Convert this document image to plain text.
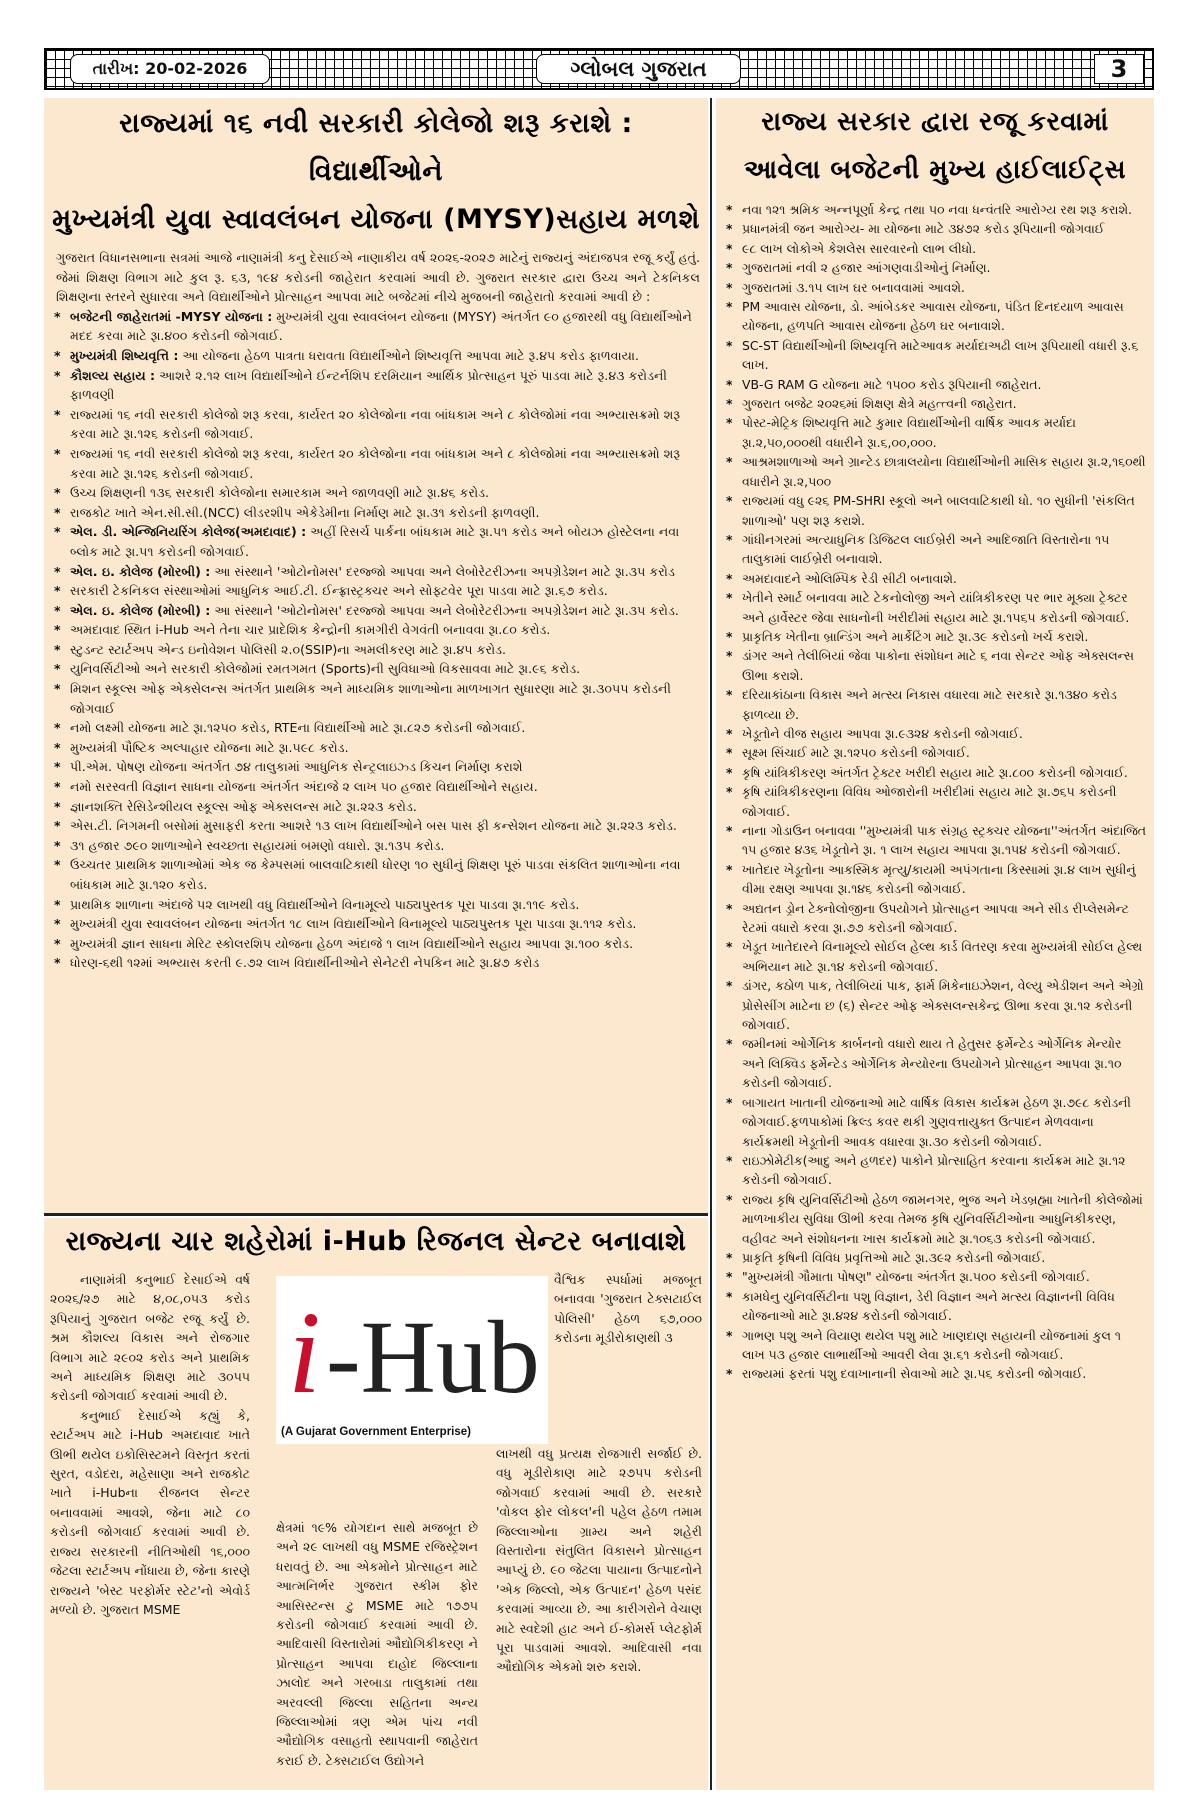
તારીખ: 20-02-2026	ગ્લોબલ ગુજરાત	3
રાજ્યમાં ૧૬ નવી સરકારી કોલેજો શરૂ કરાશે : વિદ્યાર્થીઓને
મુખ્યમંત્રી યુવા સ્વાવલંબન યોજના (MYSY)સહાય મળશે

ગુજરાત વિધાનસભાના સત્રમાં આજે નાણામંત્રી કનુ દેસાઈએ નાણાકીય વર્ષ ૨૦૨૬-૨૦૨૭ માટેનું રાજ્યનું અંદાજપત્ર રજૂ કર્યું હતું. જેમાં શિક્ષણ વિભાગ માટે કુલ રૂ. ૬૩, ૧૯૪ કરોડની જાહેરાત કરવામાં આવી છે. ગુજરાત સરકાર દ્વારા ઉચ્ચ અને ટેકનિકલ શિક્ષણના સ્તરને સુધારવા અને વિદ્યાર્થીઓને પ્રોત્સાહન આપવા માટે બજેટમાં નીચે મુજબની જાહેરાતો કરવામાં આવી છે :

* બજેટની જાહેરાતમાં -MYSY યોજના : મુખ્યમંત્રી યુવા સ્વાવલંબન યોજના (MYSY) અંતર્ગત ૯૦ હજારથી વધુ વિદ્યાર્થીઓને મદદ કરવા માટે રૂા.૪૦૦ કરોડની જોગવાઈ.
* મુખ્યમંત્રી શિષ્યવૃત્તિ : આ યોજના હેઠળ પાત્રતા ધરાવતા વિદ્યાર્થીઓને શિષ્યવૃત્તિ આપવા માટે રૂ.૪૫ કરોડ ફાળવાયા.
* કૌશલ્ય સહાય : આશરે ૨.૧૨ લાખ વિદ્યાર્થીઓને ઈન્ટર્નશિપ દરમિયાન આર્થિક પ્રોત્સાહન પૂરું પાડવા માટે રૂ.૪૩ કરોડની ફાળવણી
* રાજ્યમાં ૧૬ નવી સરકારી કોલેજો શરૂ કરવા, કાર્યરત ૨૦ કોલેજોના નવા બાંધકામ અને ૮ કોલેજોમાં નવા અભ્યાસક્રમો શરૂ કરવા માટે રૂા.૧૨૬ કરોડની જોગવાઈ.
* રાજ્યમાં ૧૬ નવી સરકારી કોલેજો શરૂ કરવા, કાર્યરત ૨૦ કોલેજોના નવા બાંધકામ અને ૮ કોલેજોમાં નવા અભ્યાસક્રમો શરૂ કરવા માટે રૂા.૧૨૬ કરોડની જોગવાઈ.
* ઉચ્ચ શિક્ષણની ૧૩૬ સરકારી કોલેજોના સમારકામ અને જાળવણી માટે રૂા.૪૬ કરોડ.
* રાજકોટ ખાતે એન.સી.સી.(NCC) લીડરશીપ એકેડેમીના નિર્માણ માટે રૂા.૩૧ કરોડની ફાળવણી.
* એલ. ડી. એન્જિનિયરિંગ કોલેજ(અમદાવાદ) : અહીં રિસર્ચ પાર્કના બાંધકામ માટે રૂા.૫૧ કરોડ અને બોયઝ હોસ્ટેલના નવા બ્લોક માટે રૂા.૫૧ કરોડની જોગવાઈ.
* એલ. ઇ. કોલેજ (મોરબી) : આ સંસ્થાને 'ઓટોનોમસ' દરજ્જો આપવા અને લેબોરેટરીઝના અપગ્રેડેશન માટે રૂા.૩૫ કરોડ
* સરકારી ટેકનિકલ સંસ્થાઓમાં આધુનિક આઈ.ટી. ઈન્ફ્રાસ્ટ્રક્ચર અને સોફ્ટવેર પૂરા પાડવા માટે રૂા.૬૭ કરોડ.
* એલ. ઇ. કોલેજ (મોરબી) : આ સંસ્થાને 'ઓટોનોમસ' દરજ્જો આપવા અને લેબોરેટરીઝના અપગ્રેડેશન માટે રૂા.૩૫ કરોડ.
* અમદાવાદ સ્થિત i-Hub અને તેના ચાર પ્રાદેશિક કેન્દ્રોની કામગીરી વેગવંતી બનાવવા રૂા.૮૦ કરોડ.
* સ્ટુડન્ટ સ્ટાર્ટઅપ એન્ડ ઇનોવેશન પોલિસી ૨.૦(SSIP)ના અમલીકરણ માટે રૂા.૪૫ કરોડ.
* યુનિવર્સિટીઓ અને સરકારી કોલેજોમાં રમતગમત (Sports)ની સુવિધાઓ વિકસાવવા માટે રૂા.૯૬ કરોડ.
* મિશન સ્કૂલ્સ ઓફ એક્સેલન્સ અંતર્ગત પ્રાથમિક અને માધ્યમિક શાળાઓના માળખાગત સુધારણા માટે રૂા.૩૦૫૫ કરોડની જોગવાઈ
* નમો લક્ષ્મી યોજના માટે રૂા.૧૨૫૦ કરોડ, RTEના વિદ્યાર્થીઓ માટે રૂા.૮૨૭ કરોડની જોગવાઈ.
* મુખ્યમંત્રી પૌષ્ટિક અલ્પાહાર યોજના માટે રૂા.૫૯૮ કરોડ.
* પી.એમ. પોષણ યોજના અંતર્ગત ૭૪ તાલુકામાં આધુનિક સેન્ટ્રલાઇઝ્ડ કિચન નિર્માણ કરાશે
* નમો સરસ્વતી વિજ્ઞાન સાધના યોજના અંતર્ગત અંદાજે ૨ લાખ ૫૦ હજાર વિદ્યાર્થીઓને સહાય.
* જ્ઞાનશક્તિ રેસિડેન્શીયલ સ્કૂલ્સ ઓફ એક્સલન્સ માટે રૂા.૨૨૩ કરોડ.
* એસ.ટી. નિગમની બસોમાં મુસાફરી કરતા આશરે ૧૩ લાખ વિદ્યાર્થીઓને બસ પાસ ફી કન્સેશન યોજના માટે રૂા.૨૨૩ કરોડ.
* ૩૧ હજાર ૭૯૦ શાળાઓને સ્વચ્છતા સહાયમાં બમણો વધારો. રૂા.૧૩૫ કરોડ.
* ઉચ્ચતર પ્રાથમિક શાળાઓમાં એક જ કેમ્પસમાં બાલવાટિકાથી ધોરણ ૧૦ સુધીનું શિક્ષણ પૂરું પાડવા સંકલિત શાળાઓના નવા બાંધકામ માટે રૂા.૧૨૦ કરોડ.
* પ્રાથમિક શાળાના અંદાજે ૫૨ લાખથી વધુ વિદ્યાર્થીઓને વિનામૂલ્યે પાઠ્યપુસ્તક પૂરા પાડવા રૂા.૧૧૯ કરોડ.
* મુખ્યમંત્રી યુવા સ્વાવલંબન યોજના અંતર્ગત ૧૮ લાખ વિદ્યાર્થીઓને વિનામૂલ્યે પાઠ્યપુસ્તક પૂરા પાડવા રૂા.૧૧૨ કરોડ.
* મુખ્યમંત્રી જ્ઞાન સાધના મેરિટ સ્કોલરશિપ યોજના હેઠળ અંદાજે ૧ લાખ વિદ્યાર્થીઓને સહાય આપવા રૂા.૧૦૦ કરોડ.
* ધોરણ-૬થી ૧૨માં અભ્યાસ કરતી ૯.૭૨ લાખ વિદ્યાર્થીનીઓને સેનેટરી નેપકિન માટે રૂા.૪૭ કરોડ
રાજ્ય સરકાર દ્વારા રજૂ કરવામાં
આવેલા બજેટની મુખ્ય હાઈલાઈટ્સ
* નવા ૧૨૧ શ્રમિક અન્નપૂર્ણા કેન્દ્ર તથા ૫૦ નવા ધન્વંતરિ આરોગ્ય રથ શરૂ કરાશે.
* પ્રધાનમંત્રી જન આરોગ્ય- મા યોજના માટે ૩૪૭૨ કરોડ રૂપિયાની જોગવાઈ
* ૯૮ લાખ લોકોએ કેશલેસ સારવારનો લાભ લીધો.
* ગુજરાતમાં નવી ૨ હજાર આંગણવાડીઓનું નિર્માણ.
* ગુજરાતમાં ૩.૧૫ લાખ ઘર બનાવવામાં આવશે.
* PM આવાસ યોજના, ડો. આંબેડકર આવાસ યોજના, પંડિત દિનદયાળ આવાસ યોજના, હળપતિ આવાસ યોજના હેઠળ ઘર બનાવાશે.
* SC-ST વિદ્યાર્થીઓની શિષ્યવૃત્તિ માટેઆવક મર્યાદાઅઢી લાખ રૂપિયાથી વધારી રૂ.૬ લાખ.
* VB-G RAM G યોજના માટે ૧૫૦૦ કરોડ રૂપિયાની જાહેરાત.
* ગુજરાત બજેટ ૨૦૨૬માં શિક્ષણ ક્ષેત્રે મહત્ત્વની જાહેરાત.
* પોસ્ટ-મેટ્રિક શિષ્યવૃત્તિ માટે કુમાર વિદ્યાર્થીઓની વાર્ષિક આવક મર્યાદા રૂા.૨,૫૦,૦૦૦થી વધારીને રૂા.૬,૦૦,૦૦૦.
* આશ્રમશાળાઓ અને ગ્રાન્ટેડ છાત્રાલયોના વિદ્યાર્થીઓની માસિક સહાય રૂા.૨,૧૬૦થી વધારીને રૂા.૨,૫૦૦
* રાજ્યમાં વધુ ૯૨૬ PM-SHRI સ્કૂલો અને બાલવાટિકાથી ધો. ૧૦ સુધીની 'સંકલિત શાળાઓ' પણ શરૂ કરાશે.
* ગાંધીનગરમાં અત્યાધુનિક ડિજિટલ લાઈબ્રેરી અને આદિજાતિ વિસ્તારોના ૧૫ તાલુકામાં લાઈબ્રેરી બનાવાશે.
* અમદાવાદને ઓલિમ્પિક રેડી સીટી બનાવાશે.
* ખેતીને સ્માર્ટ બનાવવા માટે ટેકનોલોજી અને યાંત્રિકીકરણ પર ભાર મૂક્યા ટ્રેક્ટર અને હાર્વેસ્ટર જેવા સાધનોની ખરીદીમાં સહાય માટે રૂા.૧૫૬૫ કરોડની જોગવાઈ.
* પ્રાકૃતિક ખેતીના બ્રાન્ડિંગ અને માર્કેટિંગ માટે રૂા.૩૯ કરોડનો ખર્ચ કરાશે.
* ડાંગર અને તેલીબિયાં જેવા પાકોના સંશોધન માટે ૬ નવા સેન્ટર ઓફ એક્સલન્સ ઊભા કરાશે.
* દરિયાકાંઠાના વિકાસ અને મત્સ્ય નિકાસ વધારવા માટે સરકારે રૂા.૧૩૪૦ કરોડ ફાળવ્યા છે.
* ખેડૂતોને વીજ સહાય આપવા રૂા.૯૩૨૪ કરોડની જોગવાઈ.
* સૂક્ષ્મ સિંચાઈ માટે રૂા.૧૨૫૦ કરોડની જોગવાઈ.
* કૃષિ યાંત્રિકીકરણ અંતર્ગત ટ્રેક્ટર ખરીદી સહાય માટે રૂા.૮૦૦ કરોડની જોગવાઈ.
* કૃષિ યાંત્રિકીકરણના વિવિધ ઓજારોની ખરીદીમાં સહાય માટે રૂા.૭૬૫ કરોડની જોગવાઈ.
* નાના ગોડાઉન બનાવવા ''મુખ્યમંત્રી પાક સંગ્રહ સ્ટ્રક્ચર યોજના''અંતર્ગત અંદાજિત ૧૫ હજાર ૪૩૬ ખેડૂતોને રૂા. ૧ લાખ સહાય આપવા રૂા.૧૫૪ કરોડની જોગવાઈ.
* ખાતેદાર ખેડૂતોના આકસ્મિક મૃત્યુ/કાયમી અપંગતાના કિસ્સામાં રૂા.૪ લાખ સુધીનું વીમા રક્ષણ આપવા રૂા.૧૪૬ કરોડની જોગવાઈ.
* અદ્યતન ડ્રોન ટેક્નોલોજીના ઉપયોગને પ્રોત્સાહન આપવા અને સીડ રીપ્લેસમેન્ટ રેટમાં વધારો કરવા રૂા.૭૭ કરોડની જોગવાઈ.
* ખેડૂત ખાતેદારને વિનામૂલ્યે સોઈલ હેલ્થ કાર્ડ વિતરણ કરવા મુખ્યમંત્રી સોઈલ હેલ્થ અભિયાન માટે રૂા.૧૪ કરોડની જોગવાઈ.
* ડાંગર, કઠોળ પાક, તેલીબિયાં પાક, ફાર્મ મિકેનાઇઝેશન, વેલ્યુ એડીશન અને એગ્રો પ્રોસેસીંગ માટેના છ (૬) સેન્ટર ઓફ એક્સલન્સકેન્દ્ર ઊભા કરવા રૂા.૧૨ કરોડની જોગવાઈ.
* જમીનમાં ઓર્ગેનિક કાર્બનનો વધારો થાય તે હેતુસર ફર્મેન્ટેડ ઓર્ગેનિક મેન્યોર અને લિક્વિડ ફર્મેન્ટેડ ઓર્ગેનિક મેન્યોરના ઉપયોગને પ્રોત્સાહન આપવા રૂા.૧૦ કરોડની જોગવાઈ.
* બાગાયત ખાતાની યોજનાઓ માટે વાર્ષિક વિકાસ કાર્યક્રમ હેઠળ રૂા.૭૯૮ કરોડની જોગવાઈ.ફળપાકોમાં ક્રિલ્ડ કવર થકી ગુણવત્તાયુક્ત ઉત્પાદન મેળવવાના કાર્યક્રમથી ખેડૂતોની આવક વધારવા રૂા.૩૦ કરોડની જોગવાઈ.
* રાઇઝોમેટીક(આદુ અને હળદર) પાકોને પ્રોત્સાહિત કરવાના કાર્યક્રમ માટે રૂા.૧૨ કરોડની જોગવાઈ.
* રાજ્ય કૃષિ યુનિવર્સિટીઓ હેઠળ જામનગર, ભુજ અને ખેડબ્રહ્મા ખાતેની કોલેજોમાં માળખાકીય સુવિધા ઊભી કરવા તેમજ કૃષિ યુનિવર્સિટીઓના આધુનિકીકરણ, વહીવટ અને સંશોધનના ખાસ કાર્યક્રમો માટે રૂા.૧૦૬૩ કરોડની જોગવાઈ.
* પ્રાકૃતિ કૃષિની વિવિધ પ્રવૃત્તિઓ માટે રૂા.૩૯૨ કરોડની જોગવાઈ.
* "મુખ્યમંત્રી ગૌમાતા પોષણ" યોજના અંતર્ગત રૂા.૫૦૦ કરોડની જોગવાઈ.
* કામધેનુ યુનિવર્સિટીના પશુ વિજ્ઞાન, ડેરી વિજ્ઞાન અને મત્સ્ય વિજ્ઞાનની વિવિધ યોજનાઓ માટે રૂા.૪૨૪ કરોડની જોગવાઈ.
* ગાભણ પશુ અને વિયાણ થયેલ પશુ માટે ખાણદાણ સહાયની યોજનામાં કુલ ૧ લાખ ૫૩ હજાર લાભાર્થીઓ આવરી લેવા રૂા.૬૧ કરોડની જોગવાઈ.
* રાજ્યમાં ફરતાં પશુ દવાખાનાની સેવાઓ માટે રૂા.૫૬ કરોડની જોગવાઈ.
રાજ્યના ચાર શહેરોમાં i-Hub રિજનલ સેન્ટર બનાવાશે

નાણામંત્રી કનુભાઈ દેસાઈએ વર્ષ ૨૦૨૬/૨૭ માટે ૪,૦૮,૦૫૩ કરોડ રૂપિયાનું ગુજરાત બજેટ રજૂ કર્યું છે. શ્રમ કૌશલ્ય વિકાસ અને રોજગાર વિભાગ માટે ૨૯૦૨ કરોડ અને પ્રાથમિક અને માધ્યમિક શિક્ષણ માટે ૩૦૫૫ કરોડની જોગવાઈ કરવામાં આવી છે.

કનુભાઈ દેસાઈએ કહ્યું કે, સ્ટાર્ટઅપ માટે i-Hub અમદાવાદ ખાતે ઊભી થયેલ ઇકોસિસ્ટમને વિસ્તૃત કરતાં સુરત, વડોદરા, મહેસાણા અને રાજકોટ ખાતે i-Hubના રીજનલ સેન્ટર બનાવવામાં આવશે, જેના માટે ૮૦ કરોડની જોગવાઈ કરવામાં આવી છે. રાજ્ય સરકારની નીતિઓથી ૧૬,૦૦૦ જેટલા સ્ટાર્ટઅપ નોંધાયા છે, જેના કારણે રાજ્યને 'બેસ્ટ પરફોર્મર સ્ટેટ'નો એવોર્ડ મળ્યો છે. ગુજરાત MSME

i -Hub
(A Gujarat Government Enterprise)

ક્ષેત્રમાં ૧૯% યોગદાન સાથે મજબૂત છે અને ૨૯ લાખથી વધુ MSME રજિસ્ટ્રેશન ધરાવતું છે. આ એકમોને પ્રોત્સાહન માટે આત્મનિર્ભર ગુજરાત સ્કીમ ફોર આસિસ્ટન્સ ટુ MSME માટે ૧૭૭૫ કરોડની જોગવાઈ કરવામાં આવી છે. આદિવાસી વિસ્તારોમાં ઔદ્યોગિકીકરણ ને પ્રોત્સાહન આપવા દાહોદ જિલ્લાના ઝાલોદ અને ગરબાડા તાલુકામાં તથા અરવલ્લી જિલ્લા સહિતના અન્ય જિલ્લાઓમાં ત્રણ એમ પાંચ નવી ઔદ્યોગિક વસાહતો સ્થાપવાની જાહેરાત કરાઈ છે. ટેક્સટાઈલ ઉદ્યોગને

વૈશ્વિક સ્પર્ધામાં મજબૂત બનાવવા 'ગુજરાત ટેક્સટાઈલ પોલિસી' હેઠળ ૬૭,૦૦૦ કરોડના મૂડીરોકાણથી ૩

લાખથી વધુ પ્રત્યક્ષ રોજગારી સર્જાઈ છે. વધુ મૂડીરોકાણ માટે ૨૭૫૫ કરોડની જોગવાઈ કરવામાં આવી છે. સરકારે 'વોકલ ફોર લોકલ'ની પહેલ હેઠળ તમામ જિલ્લાઓના ગ્રામ્ય અને શહેરી વિસ્તારોના સંતુલિત વિકાસને પ્રોત્સાહન આપ્યું છે. ૯૦ જેટલા પાયાના ઉત્પાદનોને 'એક જિલ્લો, એક ઉત્પાદન' હેઠળ પસંદ કરવામાં આવ્યા છે. આ કારીગરોને વેચાણ માટે સ્વદેશી હાટ અને ઈ-કોમર્સ પ્લેટફોર્મ પૂરા પાડવામાં આવશે. આદિવાસી નવા ઔદ્યોગિક એકમો શરુ કરાશે.
